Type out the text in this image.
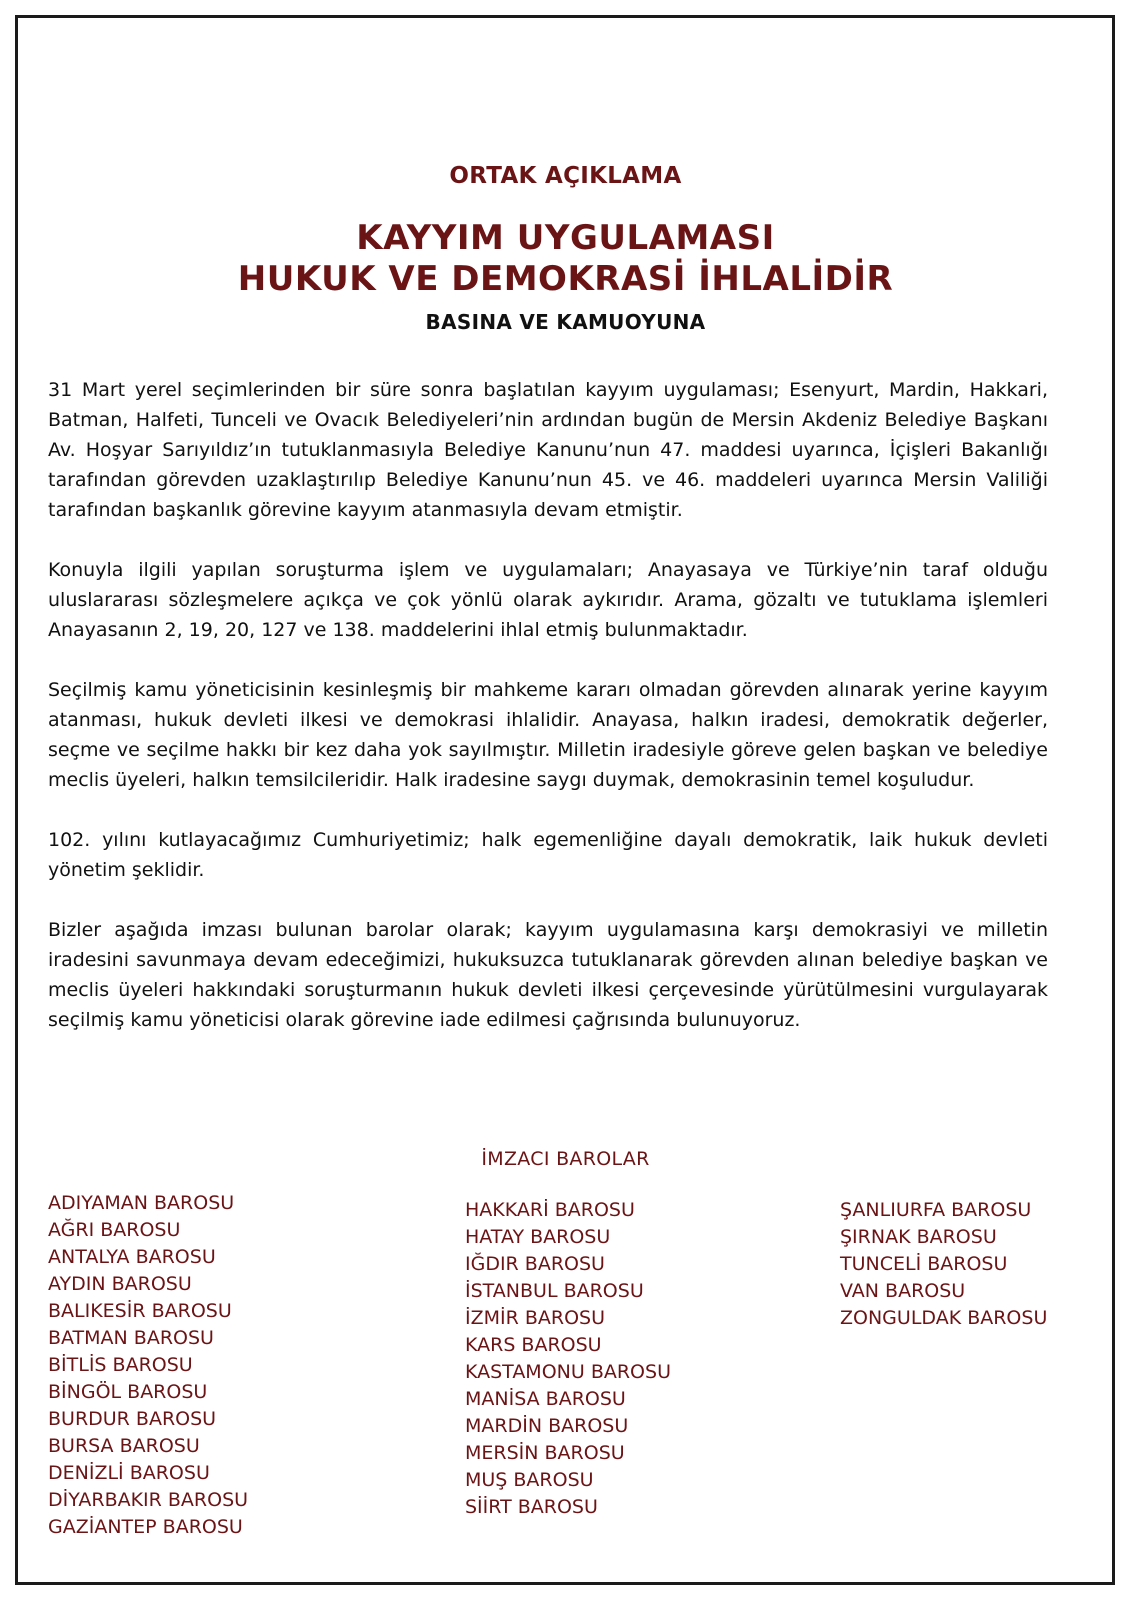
ORTAK AÇIKLAMA
KAYYIM UYGULAMASI
HUKUK VE DEMOKRASİ İHLALİDİR
BASINA VE KAMUOYUNA

31 Mart yerel seçimlerinden bir süre sonra başlatılan kayyım uygulaması; Esenyurt, Mardin, Hakkari, Batman, Halfeti, Tunceli ve Ovacık Belediyeleri’nin ardından bugün de Mersin Akdeniz Belediye Başkanı Av. Hoşyar Sarıyıldız’ın tutuklanmasıyla Belediye Kanunu’nun 47. maddesi uyarınca, İçişleri Bakanlığı tarafından görevden uzaklaştırılıp Belediye Kanunu’nun 45. ve 46. maddeleri uyarınca Mersin Valiliği tarafından başkanlık görevine kayyım atanmasıyla devam etmiştir.

Konuyla ilgili yapılan soruşturma işlem ve uygulamaları; Anayasaya ve Türkiye’nin taraf olduğu uluslararası sözleşmelere açıkça ve çok yönlü olarak aykırıdır. Arama, gözaltı ve tutuklama işlemleri Anayasanın 2, 19, 20, 127 ve 138. maddelerini ihlal etmiş bulunmaktadır.

Seçilmiş kamu yöneticisinin kesinleşmiş bir mahkeme kararı olmadan görevden alınarak yerine kayyım atanması, hukuk devleti ilkesi ve demokrasi ihlalidir. Anayasa, halkın iradesi, demokratik değerler, seçme ve seçilme hakkı bir kez daha yok sayılmıştır. Milletin iradesiyle göreve gelen başkan ve belediye meclis üyeleri, halkın temsilcileridir. Halk iradesine saygı duymak, demokrasinin temel koşuludur.

102. yılını kutlayacağımız Cumhuriyetimiz; halk egemenliğine dayalı demokratik, laik hukuk devleti yönetim şeklidir.

Bizler aşağıda imzası bulunan barolar olarak; kayyım uygulamasına karşı demokrasiyi ve milletin iradesini savunmaya devam edeceğimizi, hukuksuzca tutuklanarak görevden alınan belediye başkan ve meclis üyeleri hakkındaki soruşturmanın hukuk devleti ilkesi çerçevesinde yürütülmesini vurgulayarak seçilmiş kamu yöneticisi olarak görevine iade edilmesi çağrısında bulunuyoruz.

İMZACI BAROLAR
ADIYAMAN BAROSU
AĞRI BAROSU
ANTALYA BAROSU
AYDIN BAROSU
BALIKESİR BAROSU
BATMAN BAROSU
BİTLİS BAROSU
BİNGÖL BAROSU
BURDUR BAROSU
BURSA BAROSU
DENİZLİ BAROSU
DİYARBAKIR BAROSU
GAZİANTEP BAROSU
HAKKARİ BAROSU
HATAY BAROSU
IĞDIR BAROSU
İSTANBUL BAROSU
İZMİR BAROSU
KARS BAROSU
KASTAMONU BAROSU
MANİSA BAROSU
MARDİN BAROSU
MERSİN BAROSU
MUŞ BAROSU
SİİRT BAROSU
ŞANLIURFA BAROSU
ŞIRNAK BAROSU
TUNCELİ BAROSU
VAN BAROSU
ZONGULDAK BAROSU
